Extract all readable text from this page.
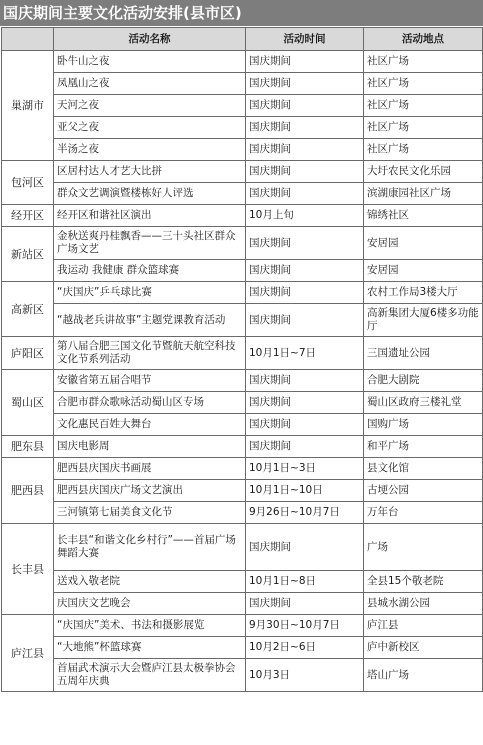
国庆期间主要文化活动安排(县市区)
	活动名称	活动时间	活动地点
巢湖市	卧牛山之夜	国庆期间	社区广场
	凤凰山之夜	国庆期间	社区广场
	天河之夜	国庆期间	社区广场
	亚父之夜	国庆期间	社区广场
	半汤之夜	国庆期间	社区广场
包河区	区居村达人才艺大比拼	国庆期间	大圩农民文化乐园
	群众文艺调演暨楼栋好人评选	国庆期间	滨湖康园社区广场
经开区	经开区和谐社区演出	10月上旬	锦绣社区
新站区	金秋送爽丹桂飘香——三十头社区群众广场文艺	国庆期间	安居园
	我运动 我健康 群众篮球赛	国庆期间	安居园
高新区	“庆国庆”乒乓球比赛	国庆期间	农村工作局3楼大厅
	“越战老兵讲故事”主题党课教育活动	国庆期间	高新集团大厦6楼多功能厅
庐阳区	第八届合肥三国文化节暨航天航空科技文化节系列活动	10月1日~7日	三国遗址公园
蜀山区	安徽省第五届合唱节	国庆期间	合肥大剧院
	合肥市群众歌咏活动蜀山区专场	国庆期间	蜀山区政府三楼礼堂
	文化惠民百姓大舞台	国庆期间	国购广场
肥东县	国庆电影周	国庆期间	和平广场
肥西县	肥西县庆国庆书画展	10月1日~3日	县文化馆
	肥西县庆国庆广场文艺演出	10月1日~10日	古埂公园
	三河镇第七届美食文化节	9月26日~10月7日	万年台
长丰县	长丰县“和谐文化乡村行”——首届广场舞蹈大赛	国庆期间	广场
	送戏入敬老院	10月1日~8日	全县15个敬老院
	庆国庆文艺晚会	国庆期间	县城水湖公园
庐江县	“庆国庆”美术、书法和摄影展览	9月30日~10月7日	庐江县
	“大地熊”杯篮球赛	10月2日~6日	庐中新校区
	首届武术演示大会暨庐江县太极拳协会五周年庆典	10月3日	塔山广场
